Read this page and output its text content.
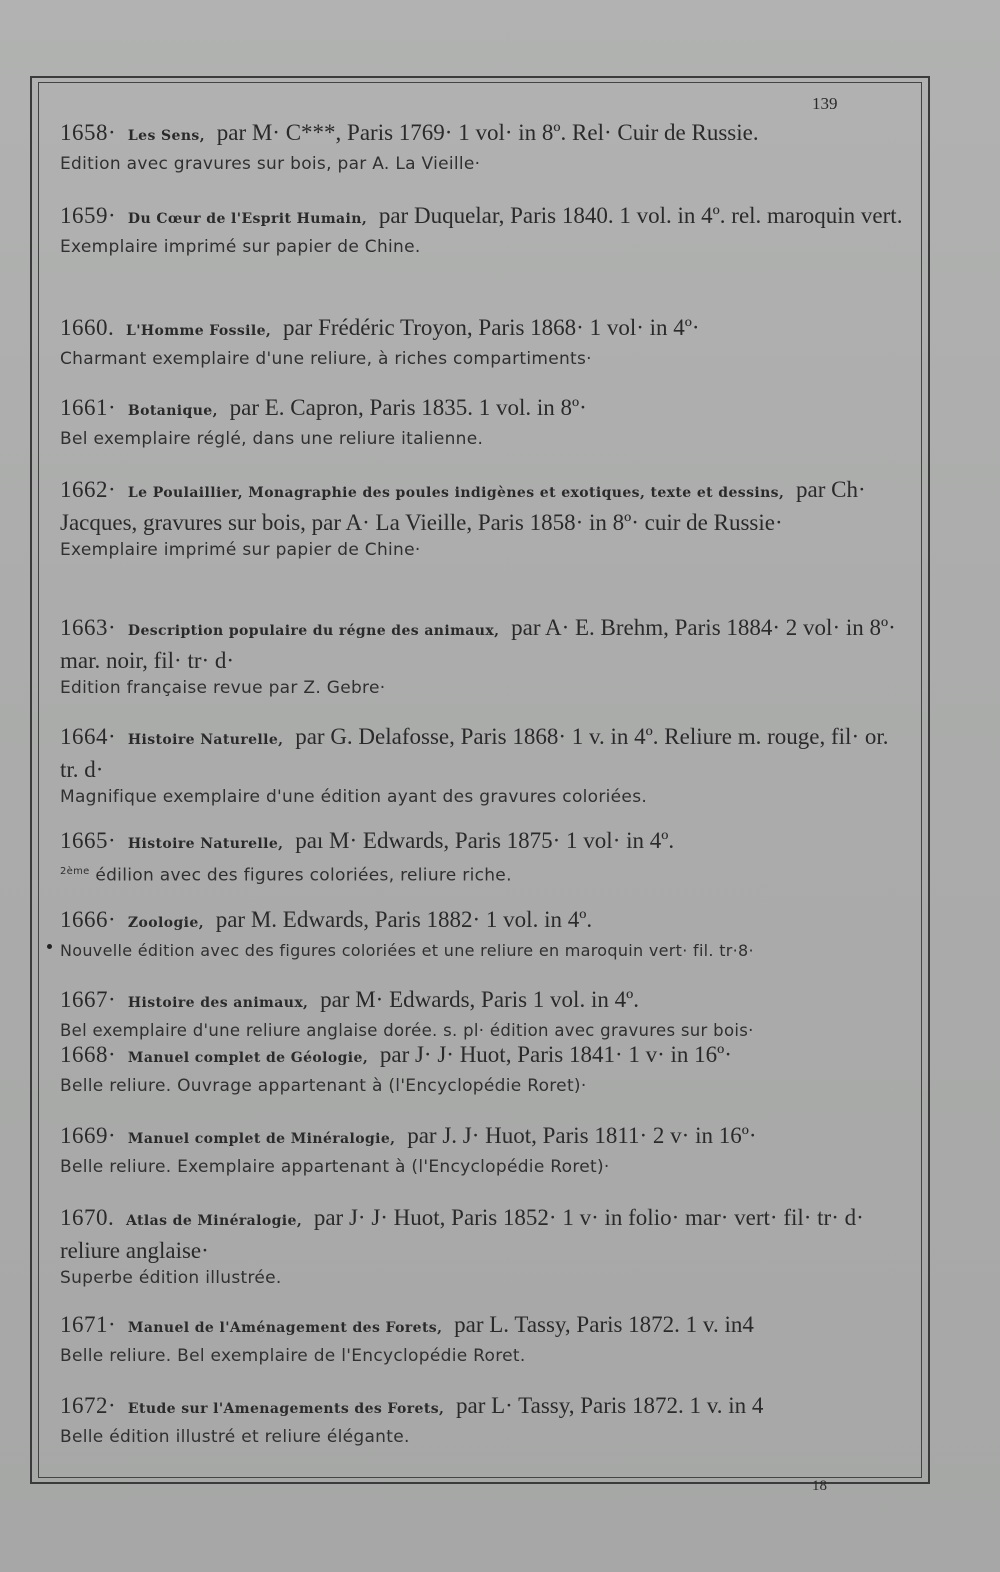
139
1658· Les Sens, par M· C***, Paris 1769· 1 vol· in 8º. Rel· Cuir de Russie.
Edition avec gravures sur bois, par A. La Vieille·
1659· Du Cœur de l'Esprit Humain, par Duquelar, Paris 1840. 1 vol. in 4º. rel. maroquin vert.
Exemplaire imprimé sur papier de Chine.
1660. L'Homme Fossile, par Frédéric Troyon, Paris 1868· 1 vol· in 4º·
Charmant exemplaire d'une reliure, à riches compartiments·
1661· Botanique, par E. Capron, Paris 1835. 1 vol. in 8º·
Bel exemplaire réglé, dans une reliure italienne.
1662· Le Poulaillier, Monagraphie des poules indigènes et exotiques, texte et dessins, par Ch· Jacques, gravures sur bois, par A· La Vieille, Paris 1858· in 8º· cuir de Russie·
Exemplaire imprimé sur papier de Chine·
1663· Description populaire du régne des animaux, par A· E. Brehm, Paris 1884· 2 vol· in 8º· mar. noir, fil· tr· d·
Edition française revue par Z. Gebre·
1664· Histoire Naturelle, par G. Delafosse, Paris 1868· 1 v. in 4º. Reliure m. rouge, fil· or. tr. d·
Magnifique exemplaire d'une édition ayant des gravures coloriées.
1665· Histoire Naturelle, paı M· Edwards, Paris 1875· 1 vol· in 4º.
$^{2ème}$ édilion avec des figures coloriées, reliure riche.
1666· Zoologie, par M. Edwards, Paris 1882· 1 vol. in 4º.
Nouvelle édition avec des figures coloriées et une reliure en maroquin vert· fil. tr·8·
1667· Histoire des animaux, par M· Edwards, Paris 1 vol. in 4º.
Bel exemplaire d'une reliure anglaise dorée. s. pl· édition avec gravures sur bois·
1668· Manuel complet de Géologie, par J· J· Huot, Paris 1841· 1 v· in 16º·
Belle reliure. Ouvrage appartenant à (l'Encyclopédie Roret)·
1669· Manuel complet de Minéralogie, par J. J· Huot, Paris 1811· 2 v· in 16º·
Belle reliure. Exemplaire appartenant à (l'Encyclopédie Roret)·
1670. Atlas de Minéralogie, par J· J· Huot, Paris 1852· 1 v· in folio· mar· vert· fil· tr· d· reliure anglaise·
Superbe édition illustrée.
1671· Manuel de l'Aménagement des Forets, par L. Tassy, Paris 1872. 1 v. in4
Belle reliure. Bel exemplaire de l'Encyclopédie Roret.
1672· Etude sur l'Amenagements des Forets, par L· Tassy, Paris 1872. 1 v. in 4
Belle édition illustré et reliure élégante.
18
